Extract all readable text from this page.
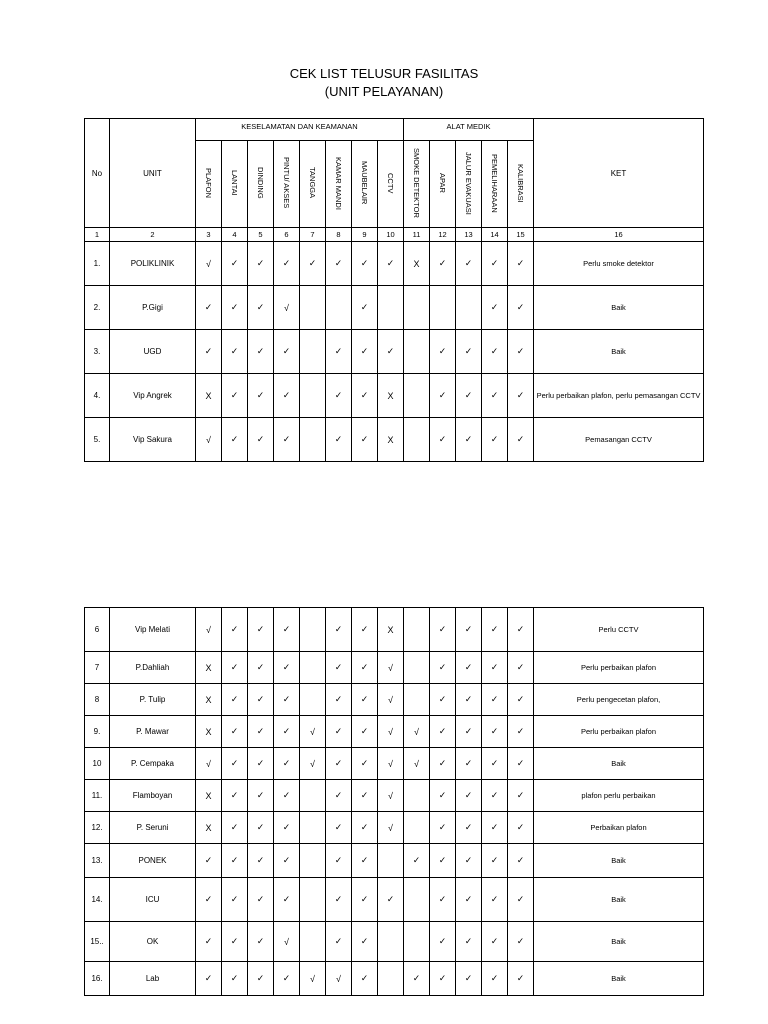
CEK LIST TELUSUR FASILITAS
(UNIT PELAYANAN)
No	UNIT	KESELAMATAN DAN KEAMANAN								ALAT MEDIK					KET
		PLAFON	LANTAI	DINDING	PINTU/ AKSES	TANGGA	KAMAR MANDI	MAUBELAIR	CCTV	SMOKE DETEKTOR	APAR	JALUR EVAKUASI	PEMELIHARAAN	KALIBRASI	
1	2	3	4	5	6	7	8	9	10	11	12	13	14	15	16
1.	POLIKLINIK	√	✓	✓	✓	✓	✓	✓	✓	X	✓	✓	✓	✓	Perlu smoke detektor
2.	P.Gigi	✓	✓	✓	√			✓					✓	✓	Baik
3.	UGD	✓	✓	✓	✓		✓	✓	✓		✓	✓	✓	✓	Baik
4.	Vip Angrek	X	✓	✓	✓		✓	✓	X		✓	✓	✓	✓	Perlu perbaikan plafon, perlu pemasangan CCTV
5.	Vip Sakura	√	✓	✓	✓		✓	✓	X		✓	✓	✓	✓	Pemasangan CCTV
6	Vip Melati	√	✓	✓	✓		✓	✓	X		✓	✓	✓	✓	Perlu CCTV
7	P.Dahliah	X	✓	✓	✓		✓	✓	√		✓	✓	✓	✓	Perlu perbaikan plafon
8	P. Tulip	X	✓	✓	✓		✓	✓	√		✓	✓	✓	✓	Perlu pengecetan plafon,
9.	P. Mawar	X	✓	✓	✓	√	✓	✓	√	√	✓	✓	✓	✓	Perlu perbaikan plafon
10	P. Cempaka	√	✓	✓	✓	√	✓	✓	√	√	✓	✓	✓	✓	Baik
11.	Flamboyan	X	✓	✓	✓		✓	✓	√		✓	✓	✓	✓	plafon perlu perbaikan
12.	P. Seruni	X	✓	✓	✓		✓	✓	√		✓	✓	✓	✓	Perbaikan plafon
13.	PONEK	✓	✓	✓	✓		✓	✓		✓	✓	✓	✓	✓	Baik
14.	ICU	✓	✓	✓	✓		✓	✓	✓		✓	✓	✓	✓	Baik
15..	OK	✓	✓	✓	√		✓	✓			✓	✓	✓	✓	Baik
16.	Lab	✓	✓	✓	✓	√	√	✓		✓	✓	✓	✓	✓	Baik
